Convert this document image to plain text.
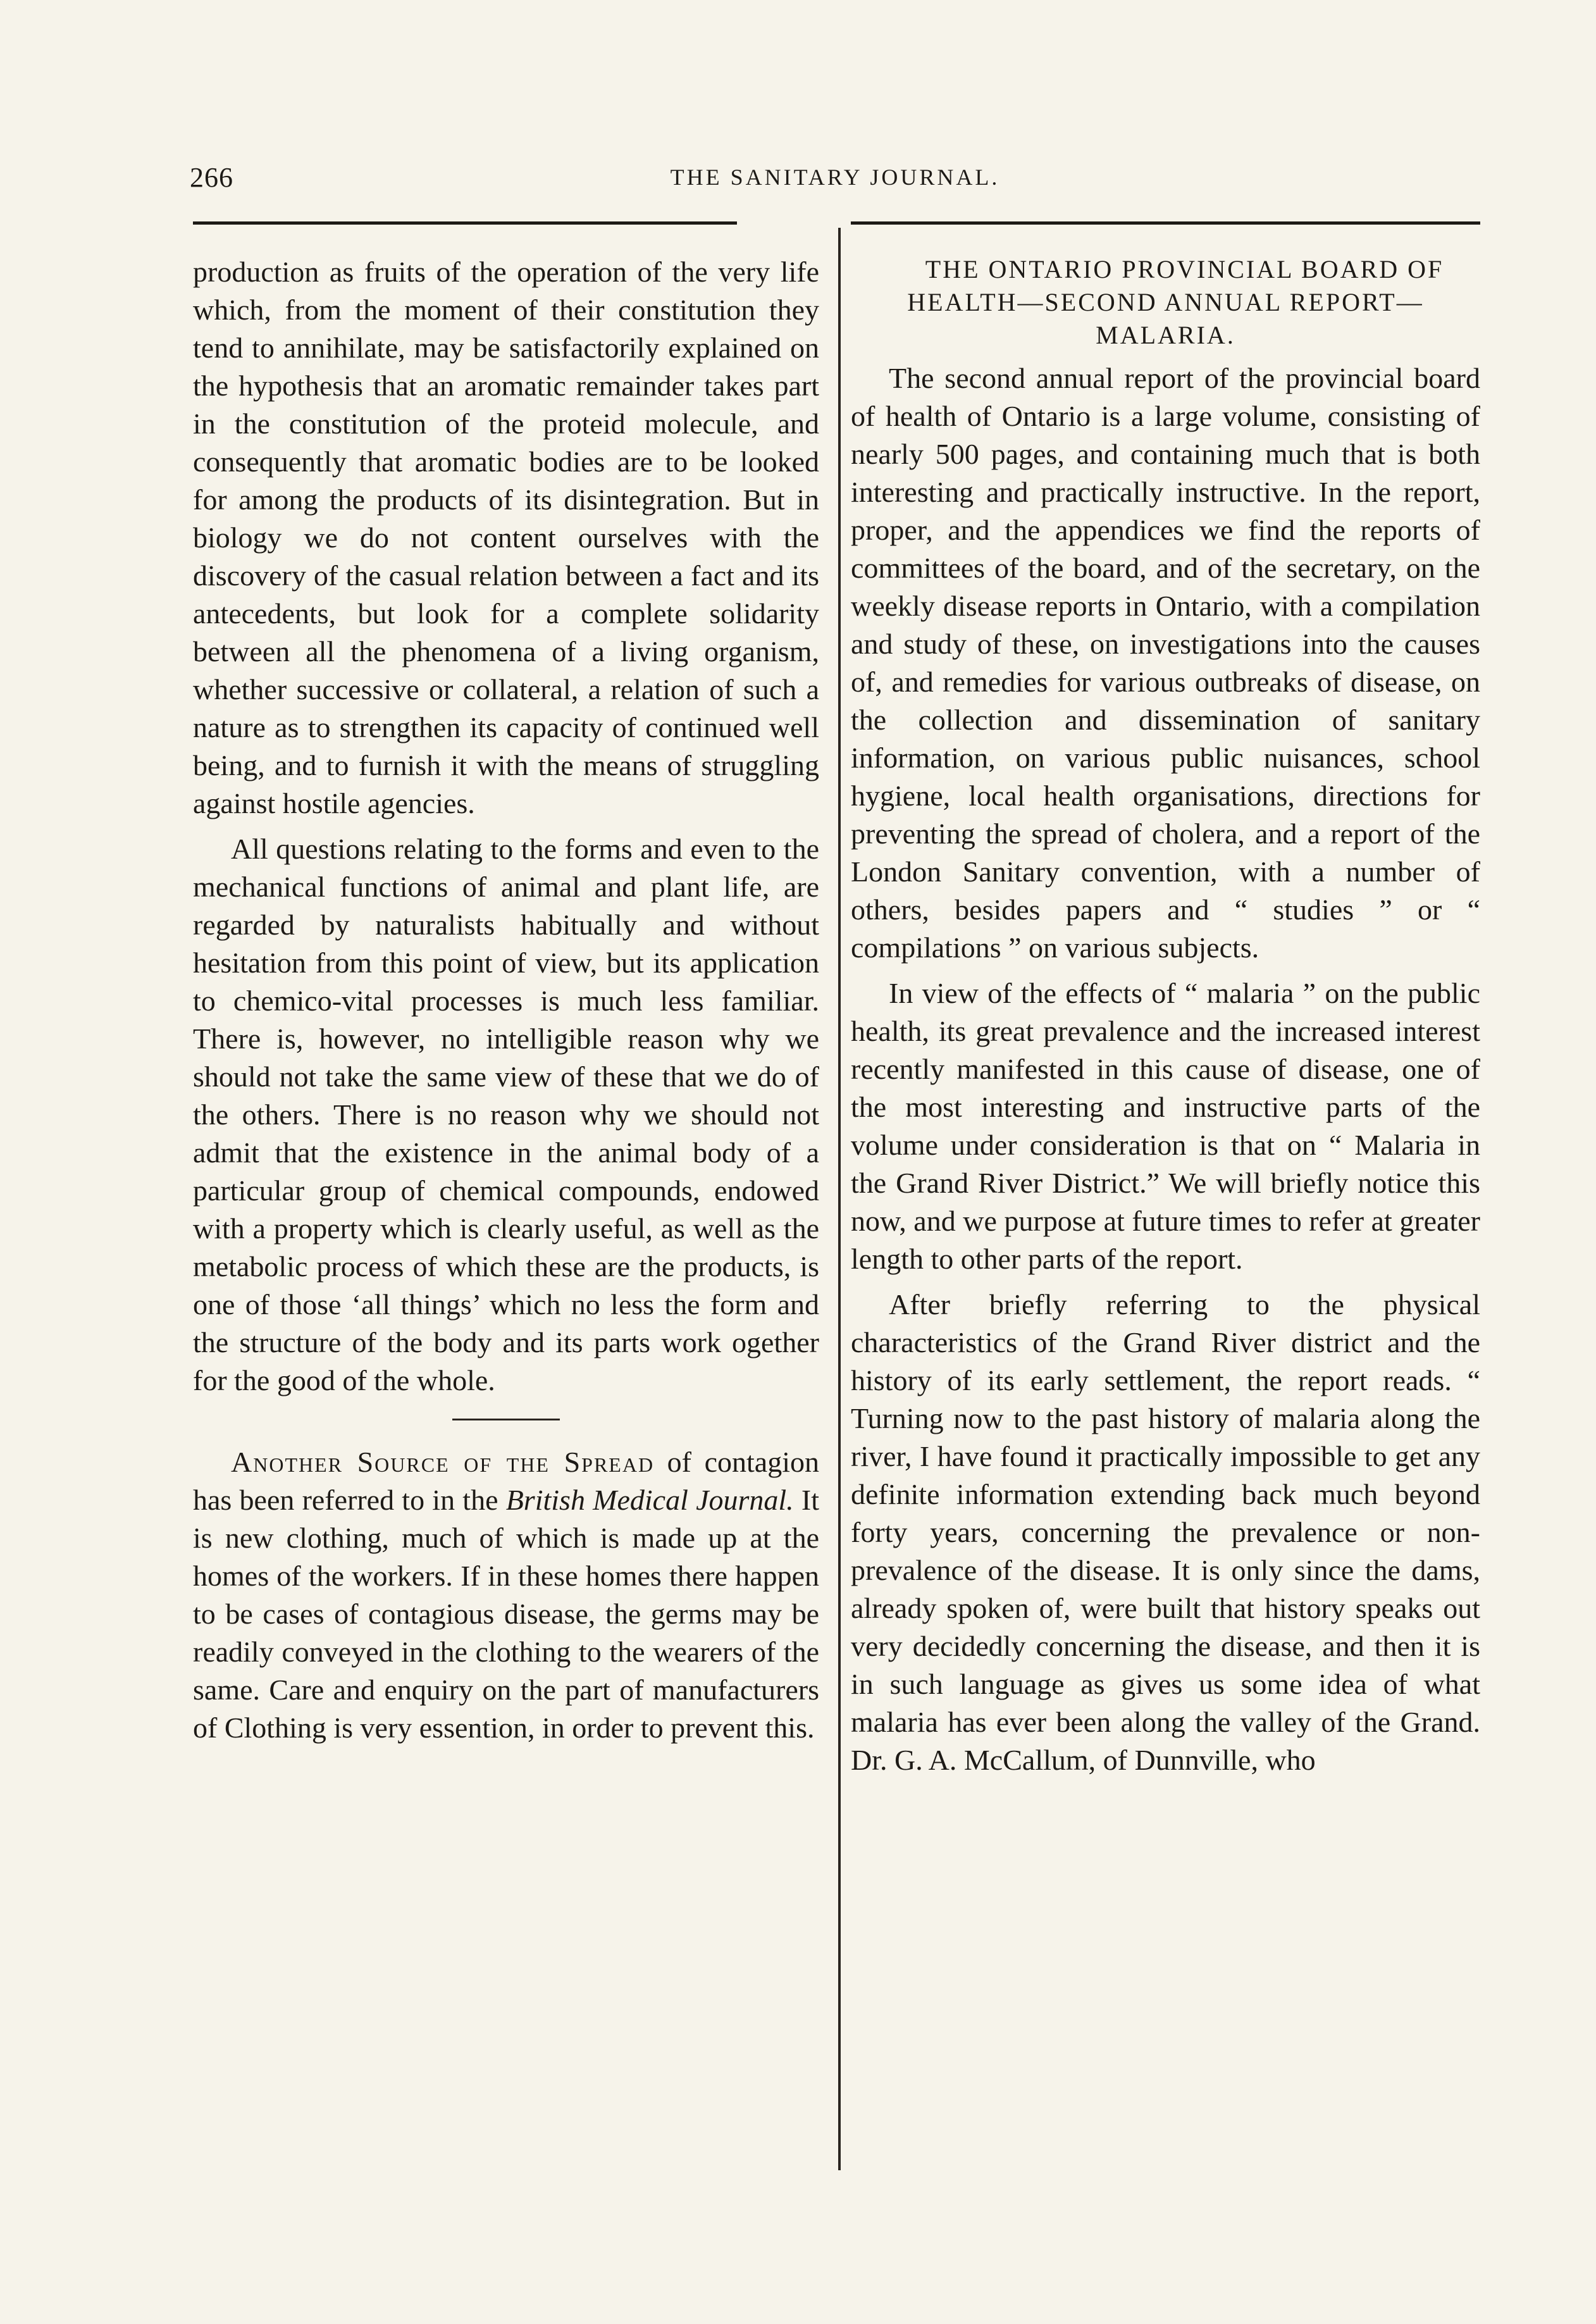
266	THE SANITARY JOURNAL.

production as fruits of the operation of the very life which, from the moment of their constitution they tend to annihilate, may be satisfactorily explained on the hypothesis that an aromatic remainder takes part in the constitution of the proteid molecule, and consequently that aromatic bodies are to be looked for among the products of its disintegration. But in biology we do not content ourselves with the discovery of the casual relation between a fact and its antecedents, but look for a complete solidarity between all the phenomena of a living organism, whether successive or collateral, a relation of such a nature as to strengthen its capacity of continued well being, and to furnish it with the means of struggling against hostile agencies.

All questions relating to the forms and even to the mechanical functions of animal and plant life, are regarded by naturalists habitually and without hesitation from this point of view, but its application to chemico-vital processes is much less familiar. There is, however, no intelligible reason why we should not take the same view of these that we do of the others. There is no reason why we should not admit that the existence in the animal body of a particular group of chemical compounds, endowed with a property which is clearly useful, as well as the metabolic process of which these are the products, is one of those ‘all things’ which no less the form and the structure of the body and its parts work ogether for the good of the whole.

Another Source of the Spread of contagion has been referred to in the British Medical Journal. It is new clothing, much of which is made up at the homes of the workers. If in these homes there happen to be cases of contagious disease, the germs may be readily conveyed in the clothing to the wearers of the same. Care and enquiry on the part of manufacturers of Clothing is very essention, in order to prevent this.

THE ONTARIO PROVINCIAL BOARD OF HEALTH—SECOND ANNUAL REPORT—MALARIA.

The second annual report of the provincial board of health of Ontario is a large volume, consisting of nearly 500 pages, and containing much that is both interesting and practically instructive. In the report, proper, and the appendices we find the reports of committees of the board, and of the secretary, on the weekly disease reports in Ontario, with a compilation and study of these, on investigations into the causes of, and remedies for various outbreaks of disease, on the collection and dissemination of sanitary information, on various public nuisances, school hygiene, local health organisations, directions for preventing the spread of cholera, and a report of the London Sanitary convention, with a number of others, besides papers and “ studies ” or “ compilations ” on various subjects.

In view of the effects of “ malaria ” on the public health, its great prevalence and the increased interest recently manifested in this cause of disease, one of the most interesting and instructive parts of the volume under consideration is that on “ Malaria in the Grand River District.” We will briefly notice this now, and we purpose at future times to refer at greater length to other parts of the report.

After briefly referring to the physical characteristics of the Grand River district and the history of its early settlement, the report reads. “ Turning now to the past history of malaria along the river, I have found it practically impossible to get any definite information extending back much beyond forty years, concerning the prevalence or non-prevalence of the disease. It is only since the dams, already spoken of, were built that history speaks out very decidedly concerning the disease, and then it is in such language as gives us some idea of what malaria has ever been along the valley of the Grand. Dr. G. A. McCallum, of Dunnville, who
